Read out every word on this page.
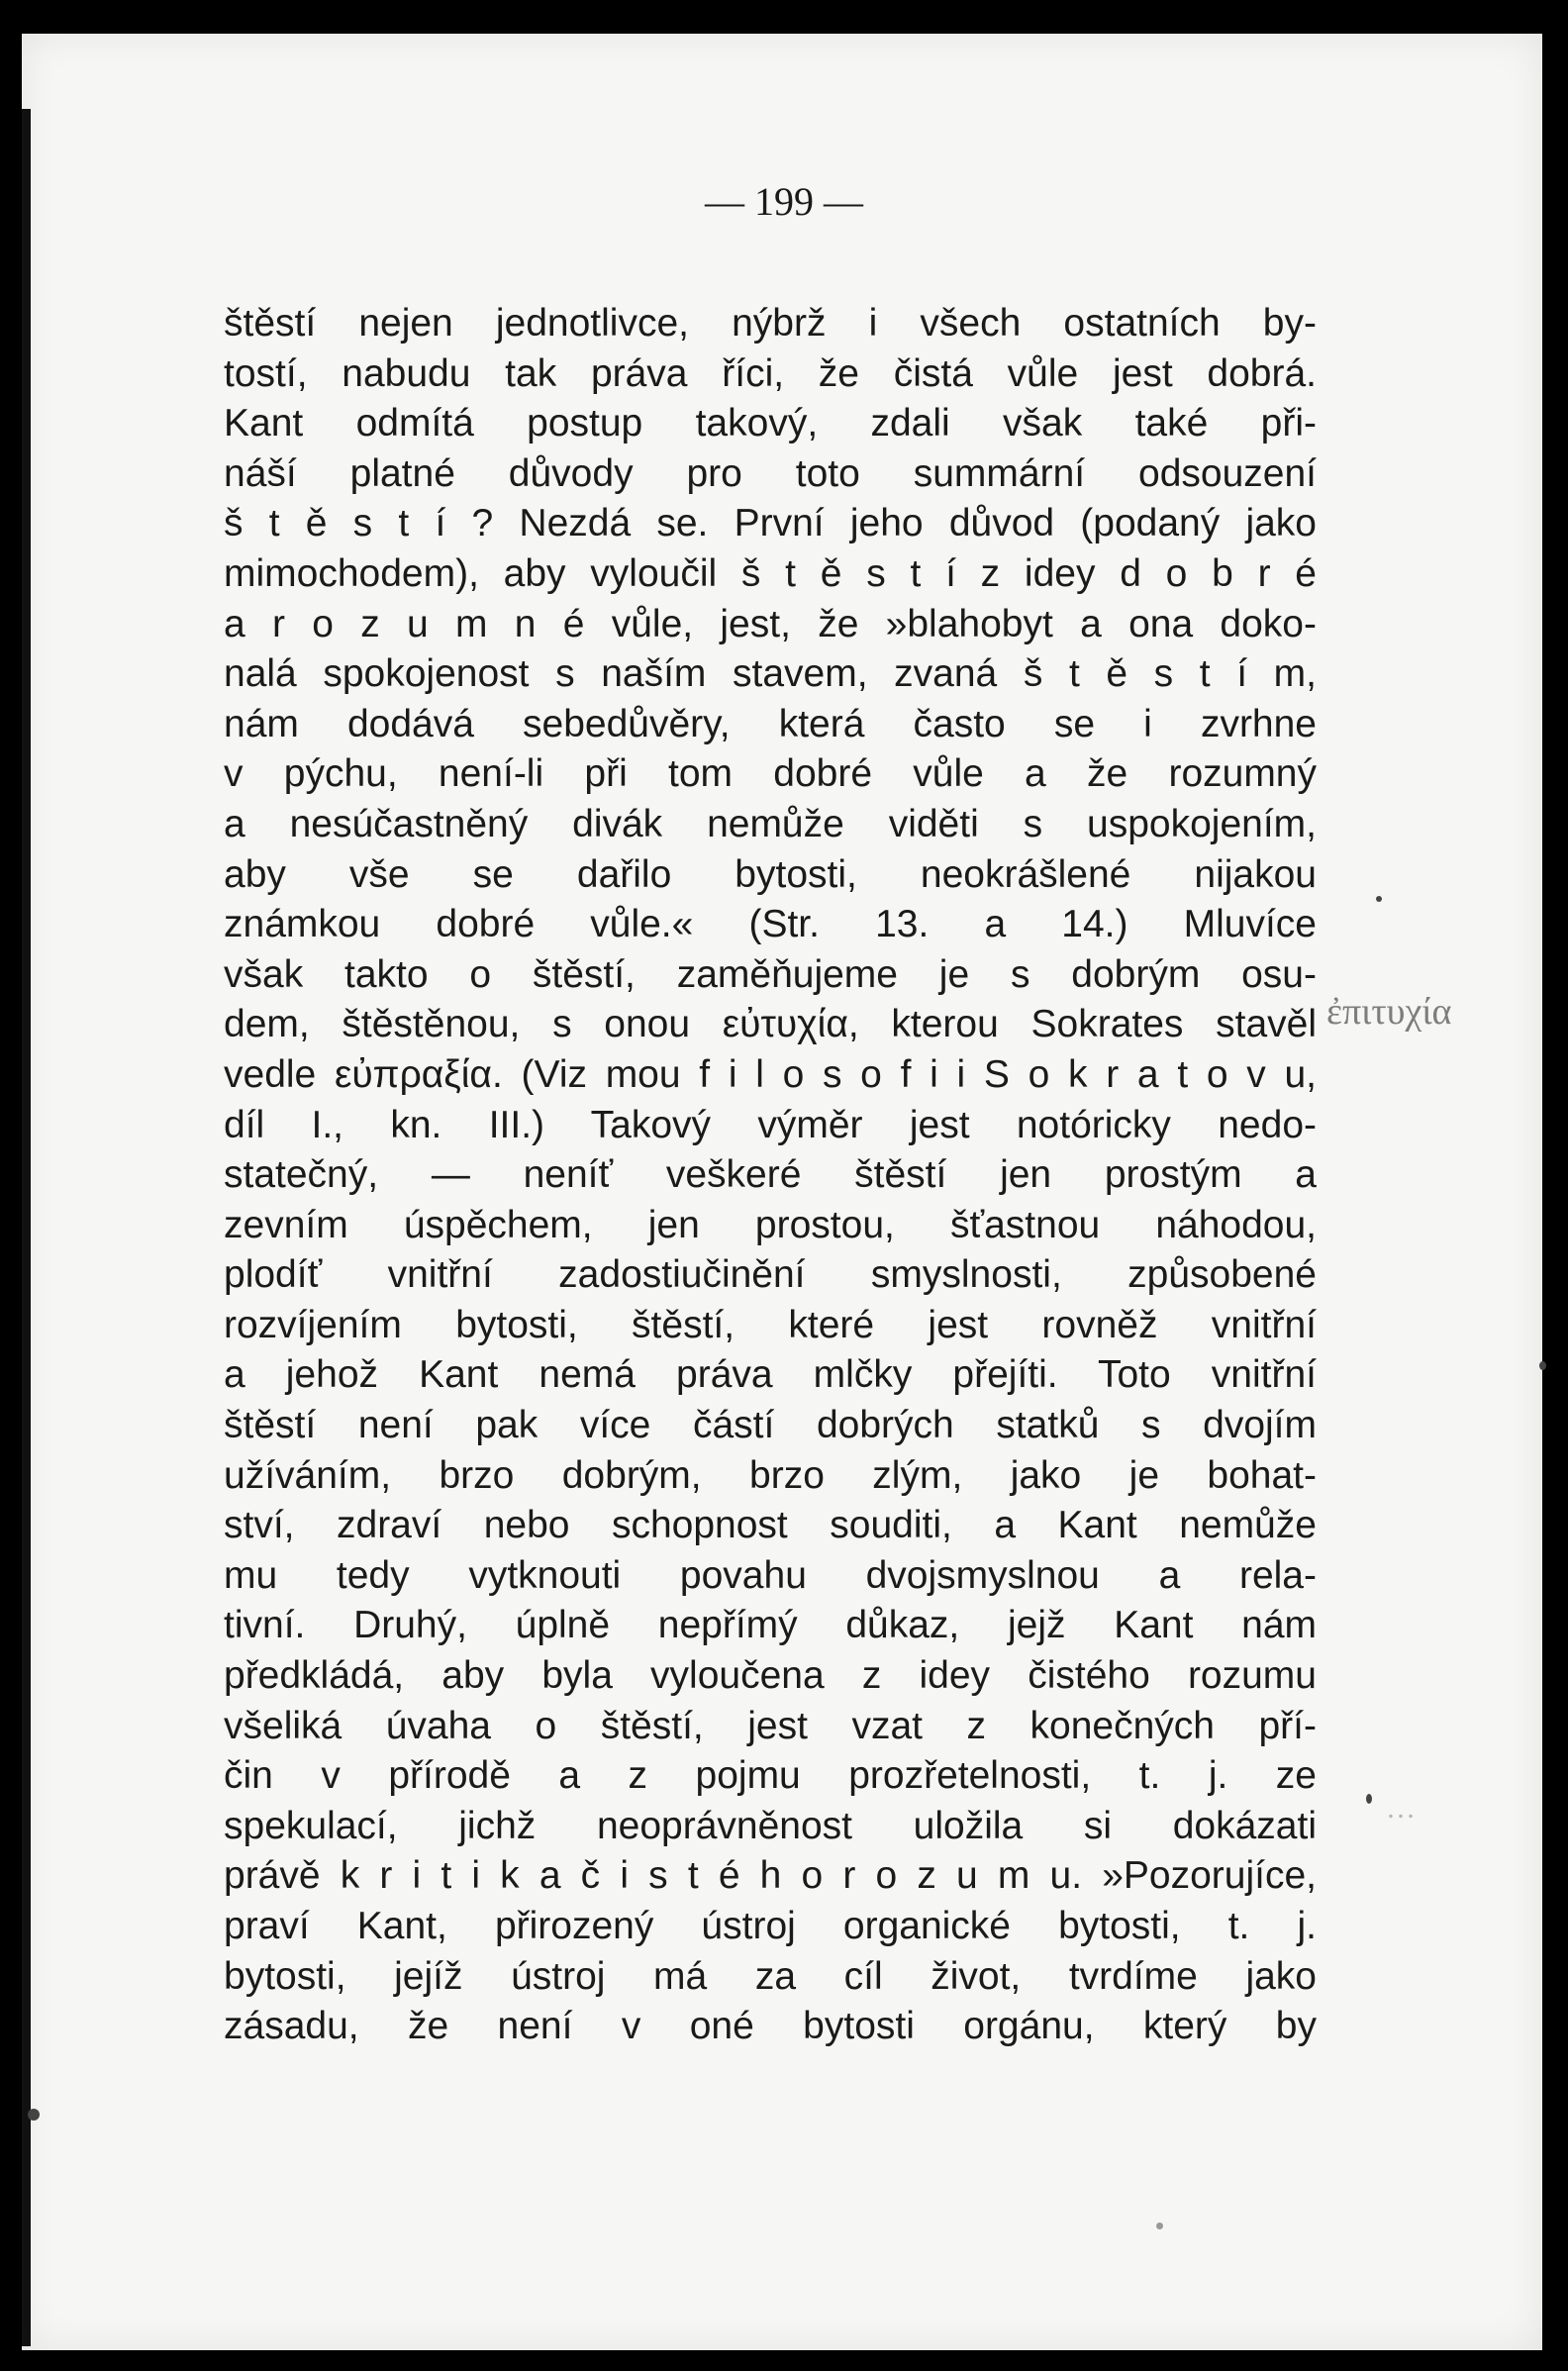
— 199 —
štěstí nejen jednotlivce, nýbrž i všech ostatních by-
tostí, nabudu tak práva říci, že čistá vůle jest dobrá.
Kant odmítá postup takový, zdali však také při-
náší platné důvody pro toto summární odsouzení
š t ě s t í ? Nezdá se. První jeho důvod (podaný jako
mimochodem), aby vyloučil š t ě s t í z idey d o b r é
a r o z u m n é vůle, jest, že »blahobyt a ona doko-
nalá spokojenost s naším stavem, zvaná š t ě s t í m,
nám dodává sebedůvěry, která často se i zvrhne
v pýchu, není-li při tom dobré vůle a že rozumný
a nesúčastněný divák nemůže viděti s uspokojením,
aby vše se dařilo bytosti, neokrášlené nijakou
známkou dobré vůle.« (Str. 13. a 14.) Mluvíce
však takto o štěstí, zaměňujeme je s dobrým osu-
dem, štěstěnou, s onou εὐτυχία, kterou Sokrates stavěl
vedle εὐπραξία. (Viz mou f i l o s o f i i S o k r a t o v u,
díl I., kn. III.) Takový výměr jest notóricky nedo-
statečný, — neníť veškeré štěstí jen prostým a
zevním úspěchem, jen prostou, šťastnou náhodou,
plodíť vnitřní zadostiučinění smyslnosti, způsobené
rozvíjením bytosti, štěstí, které jest rovněž vnitřní
a jehož Kant nemá práva mlčky přejíti. Toto vnitřní
štěstí není pak více částí dobrých statků s dvojím
užíváním, brzo dobrým, brzo zlým, jako je bohat-
ství, zdraví nebo schopnost souditi, a Kant nemůže
mu tedy vytknouti povahu dvojsmyslnou a rela-
tivní. Druhý, úplně nepřímý důkaz, jejž Kant nám
předkládá, aby byla vyloučena z idey čistého rozumu
všeliká úvaha o štěstí, jest vzat z konečných pří-
čin v přírodě a z pojmu prozřetelnosti, t. j. ze
spekulací, jichž neoprávněnost uložila si dokázati
právě k r i t i k a č i s t é h o r o z u m u. »Pozorujíce,
praví Kant, přirozený ústroj organické bytosti, t. j.
bytosti, jejíž ústroj má za cíl život, tvrdíme jako
zásadu, že není v oné bytosti orgánu, který by
ἐπιτυχία
…
